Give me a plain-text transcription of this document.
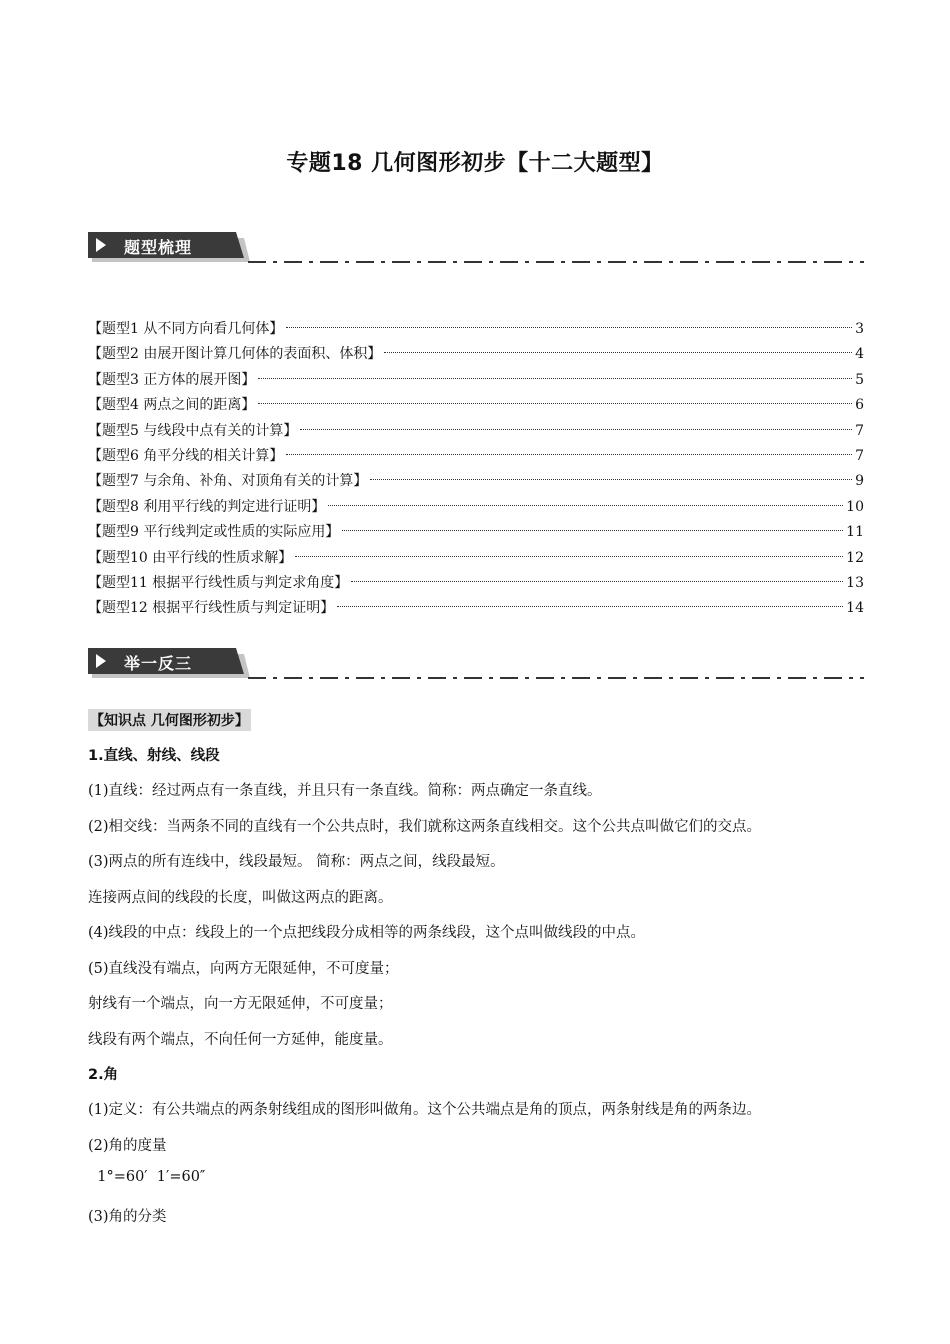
专题18 几何图形初步【十二大题型】
题型梳理
【题型1 从不同方向看几何体】	3
【题型2 由展开图计算几何体的表面积、体积】	4
【题型3 正方体的展开图】	5
【题型4 两点之间的距离】	6
【题型5 与线段中点有关的计算】	7
【题型6 角平分线的相关计算】	7
【题型7 与余角、补角、对顶角有关的计算】	9
【题型8 利用平行线的判定进行证明】	10
【题型9 平行线判定或性质的实际应用】	11
【题型10 由平行线的性质求解】	12
【题型11 根据平行线性质与判定求角度】	13
【题型12 根据平行线性质与判定证明】	14
举一反三
【知识点 几何图形初步】
1.直线、射线、线段
(1)直线：经过两点有一条直线，并且只有一条直线。简称：两点确定一条直线。
(2)相交线：当两条不同的直线有一个公共点时，我们就称这两条直线相交。这个公共点叫做它们的交点。
(3)两点的所有连线中，线段最短。 简称：两点之间，线段最短。
连接两点间的线段的长度，叫做这两点的距离。
(4)线段的中点：线段上的一个点把线段分成相等的两条线段，这个点叫做线段的中点。
(5)直线没有端点，向两方无限延伸，不可度量；
射线有一个端点，向一方无限延伸，不可度量；
线段有两个端点，不向任何一方延伸，能度量。
2.角
(1)定义：有公共端点的两条射线组成的图形叫做角。这个公共端点是角的顶点，两条射线是角的两条边。
(2)角的度量
1°=60′  1′=60″
(3)角的分类
